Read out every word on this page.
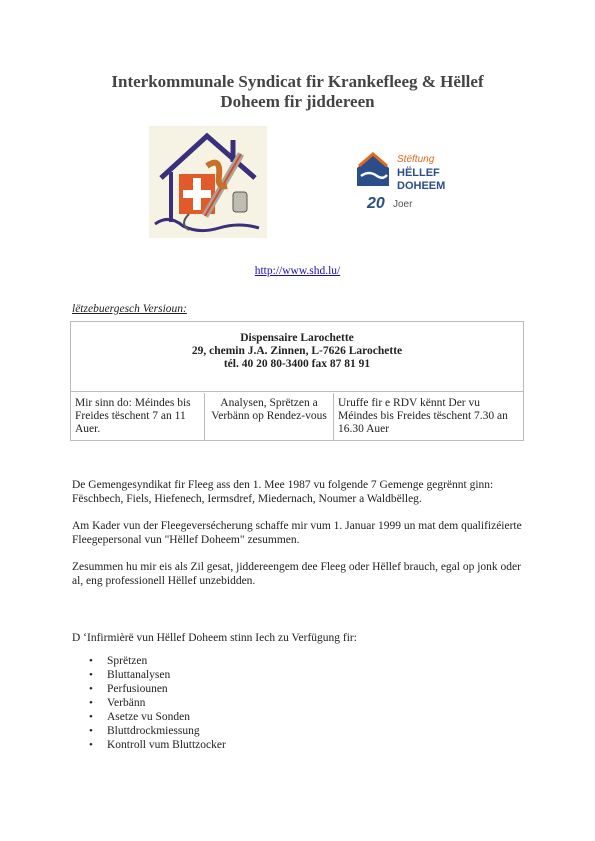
Interkommunale Syndicat fir Krankefleeg & Hëllef
Doheem fir jiddereen
Stëftung
HËLLEF
DOHEEM
20 Joer
http://www.shd.lu/
lëtzebuergesch Versioun:
Dispensaire Larochette
29, chemin J.A. Zinnen, L-7626 Larochette
tél. 40 20 80-3400 fax 87 81 91
Mir sinn do: Méindes bis Freides tëschent 7 an 11 Auer.
Analysen, Sprëtzen a Verbänn op Rendez-vous
Uruffe fir e RDV kënnt Der vu Méindes bis Freides tëschent 7.30 an 16.30 Auer
De Gemengesyndikat fir Fleeg ass den 1. Mee 1987 vu folgende 7 Gemenge gegrënnt ginn: Fëschbech, Fiels, Hiefenech, Iermsdref, Miedernach, Noumer a Waldbëlleg.
Am Kader vun der Fleegeversécherung schaffe mir vum 1. Januar 1999 un mat dem qualifizéierte Fleegepersonal vun "Hëllef Doheem" zesummen.
Zesummen hu mir eis als Zil gesat, jiddereengem dee Fleeg oder Hëllef brauch, egal op jonk oder al, eng professionell Hëllef unzebidden.
D ‘Infirmièrë vun Hëllef Doheem stinn Iech zu Verfügung fir:
• Sprëtzen
• Bluttanalysen
• Perfusiounen
• Verbänn
• Asetze vu Sonden
• Bluttdrockmiessung
• Kontroll vum Bluttzocker
